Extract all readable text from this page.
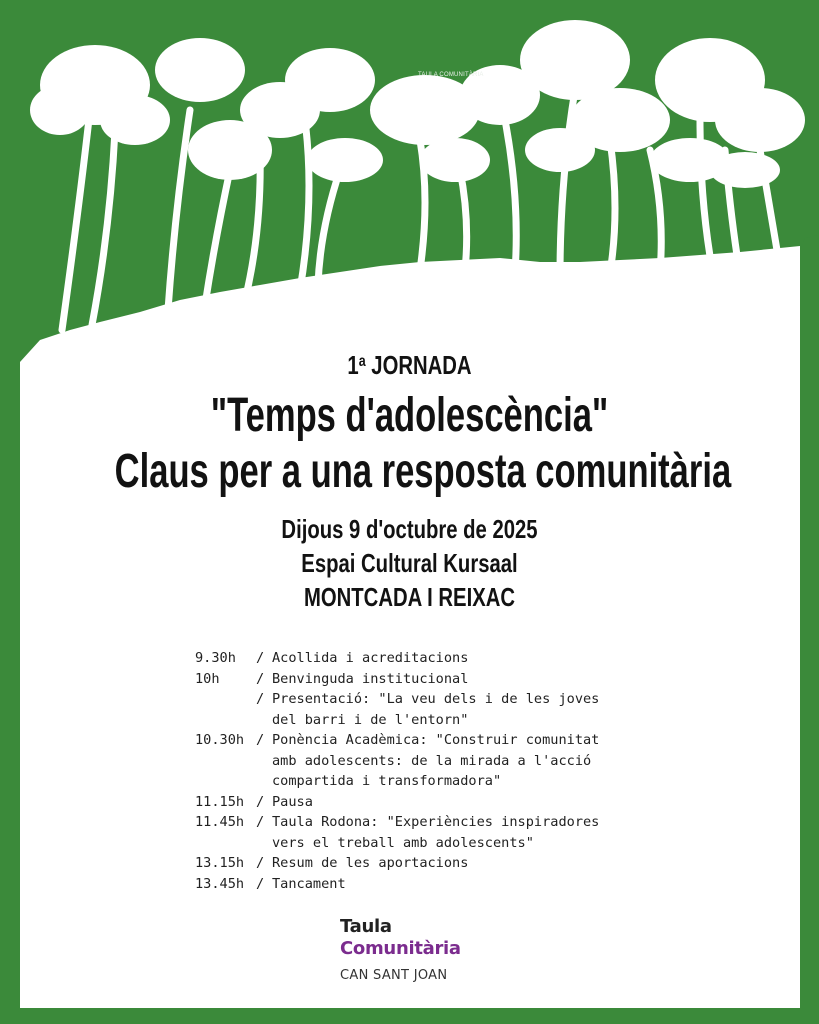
TAULA COMUNITÀRIA
1$^a$ JORNADA
"Temps d'adolescència"
Claus per a una resposta comunitària
Dijous 9 d'octubre de 2025
Espai Cultural Kursaal
MONTCADA I REIXAC
9.30h	/ Acollida i acreditacions
10h	/ Benvinguda institucional
/ Presentació: "La veu dels i de les joves
del barri i de l'entorn"
10.30h / Ponència Acadèmica: "Construir comunitat
amb adolescents: de la mirada a l'acció
compartida i transformadora"
11.15h / Pausa
11.45h / Taula Rodona: "Experiències inspiradores
vers el treball amb adolescents"
13.15h / Resum de les aportacions
13.45h / Tancament
Taula
Comunitària
CAN SANT JOAN
